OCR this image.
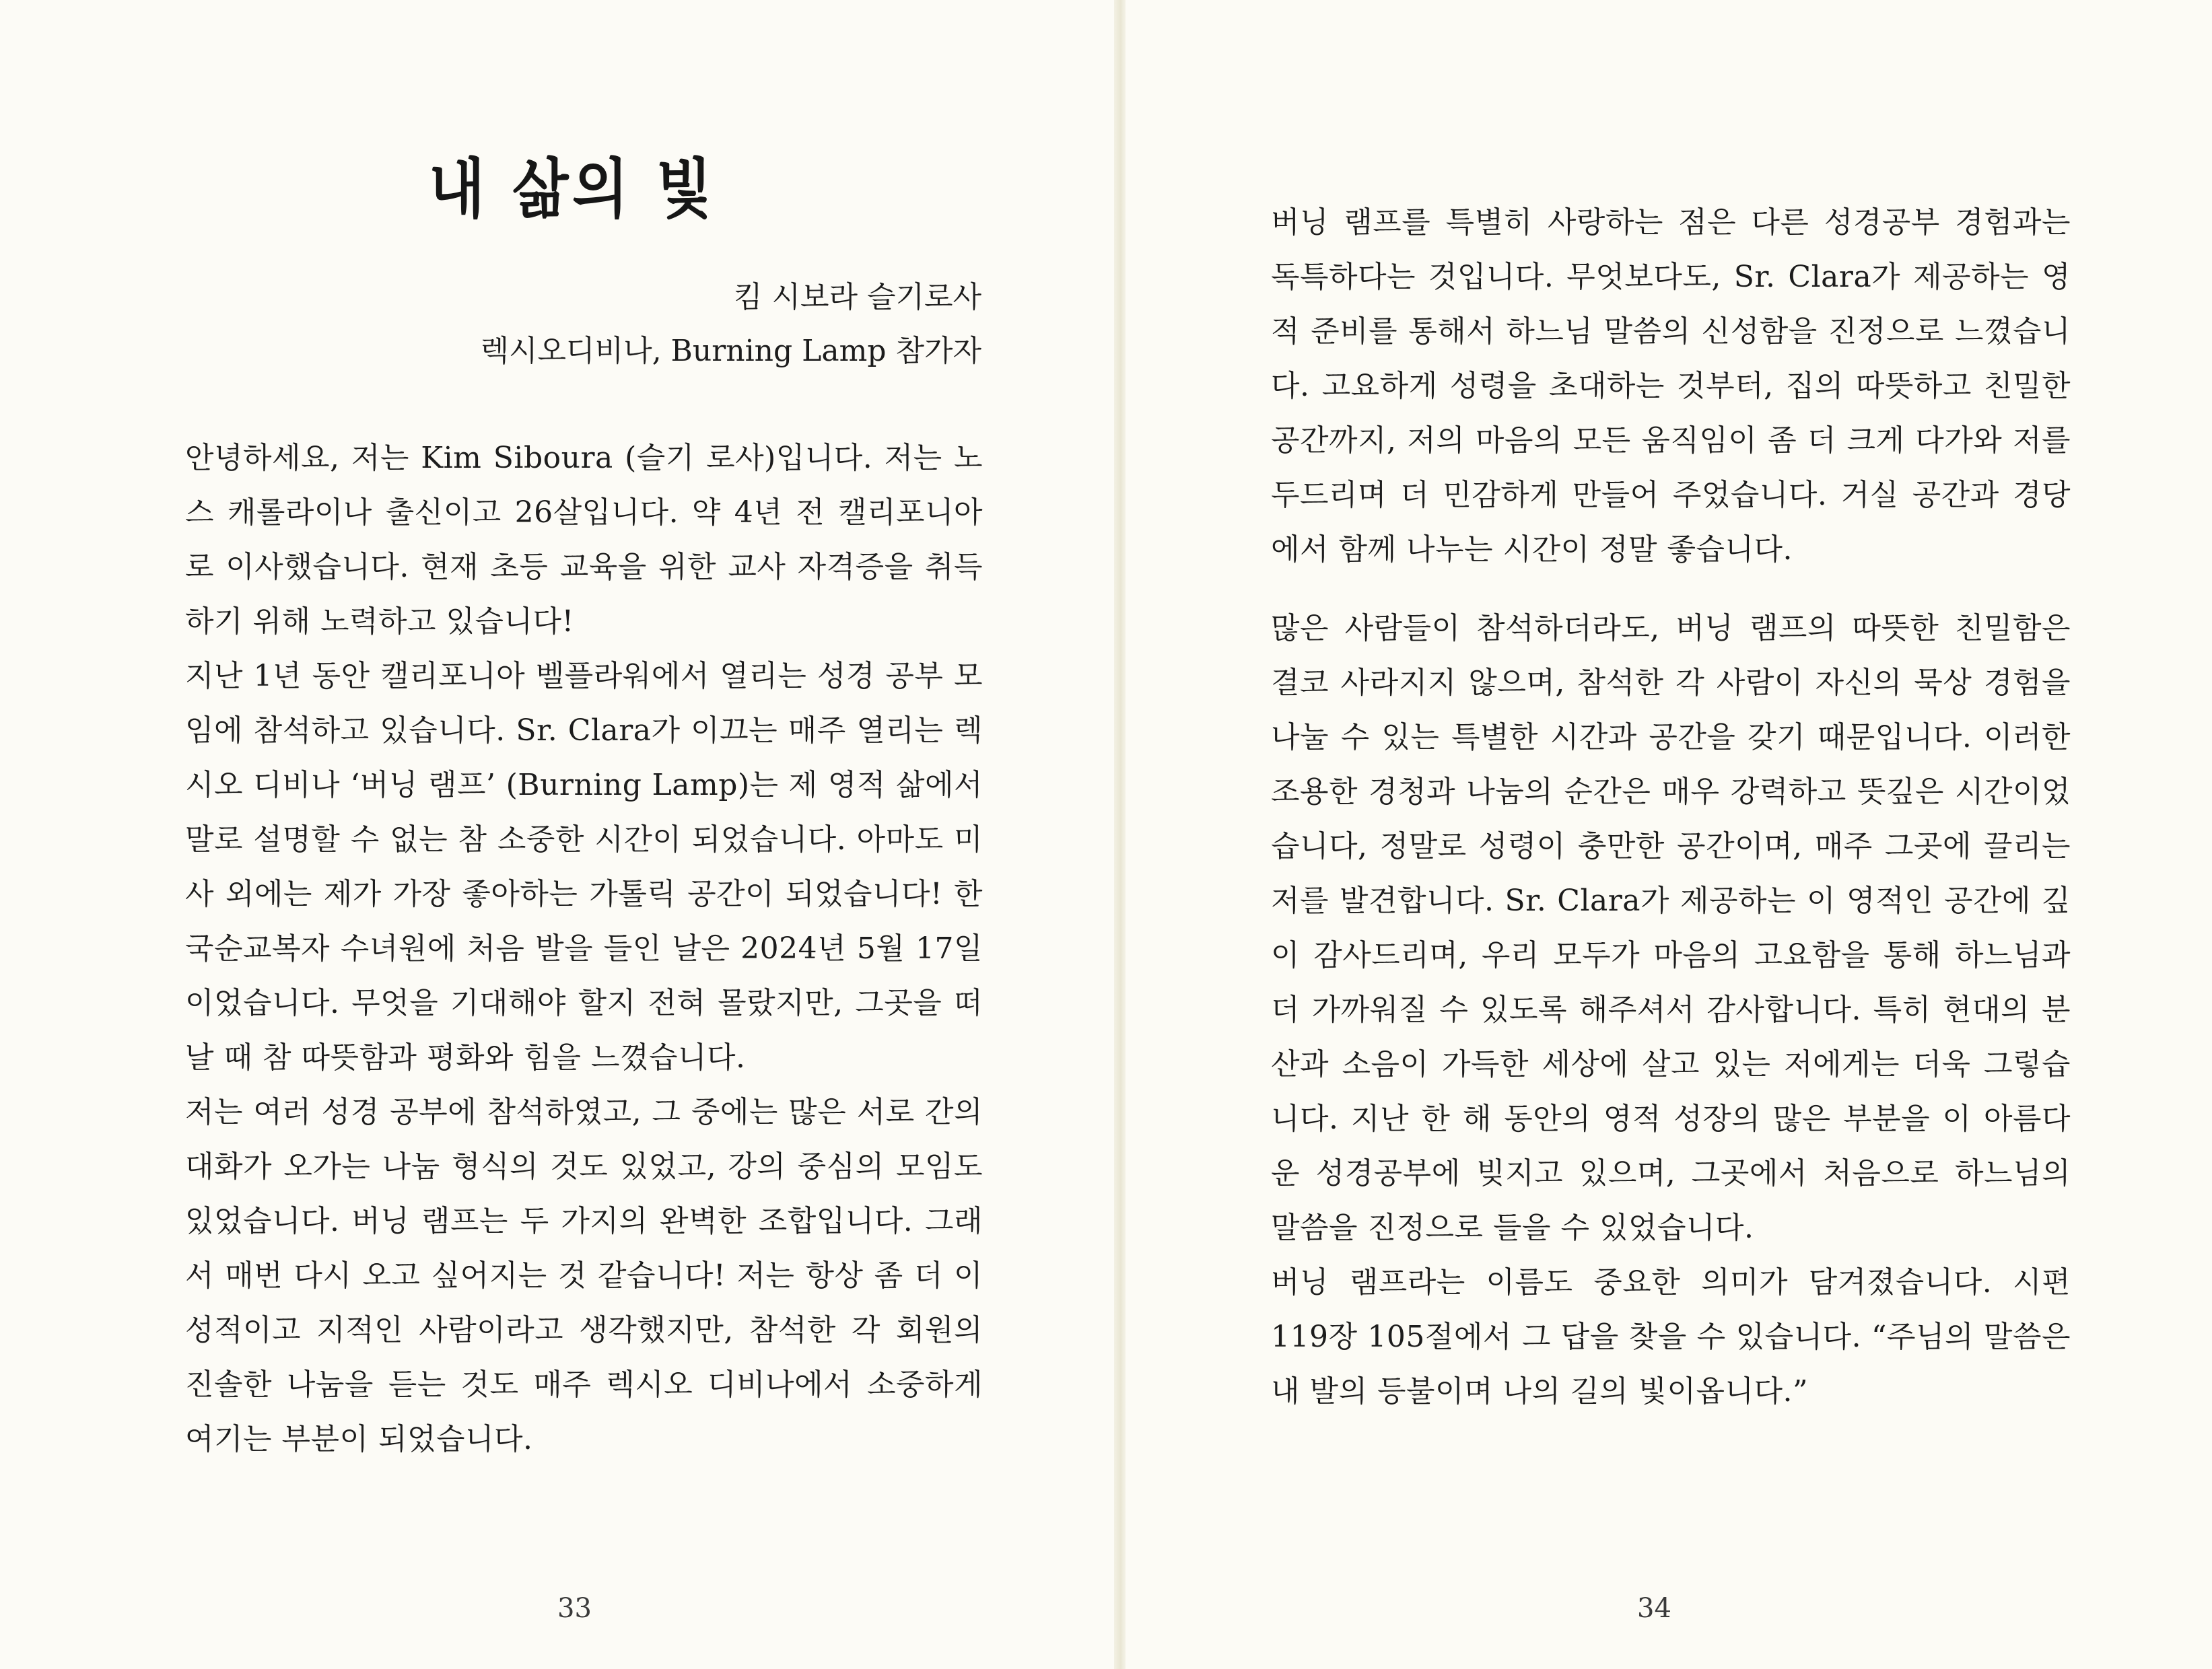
내 삶의 빛
킴 시보라 슬기로사
렉시오디비나, Burning Lamp 참가자

안녕하세요, 저는 Kim Siboura (슬기 로사)입니다. 저는 노스 캐롤라이나 출신이고 26살입니다. 약 4년 전 캘리포니아로 이사했습니다. 현재 초등 교육을 위한 교사 자격증을 취득하기 위해 노력하고 있습니다!

지난 1년 동안 캘리포니아 벨플라워에서 열리는 성경 공부 모임에 참석하고 있습니다. Sr. Clara가 이끄는 매주 열리는 렉시오 디비나 ‘버닝 램프’ (Burning Lamp)는 제 영적 삶에서 말로 설명할 수 없는 참 소중한 시간이 되었습니다. 아마도 미사 외에는 제가 가장 좋아하는 가톨릭 공간이 되었습니다! 한국순교복자 수녀원에 처음 발을 들인 날은 2024년 5월 17일이었습니다. 무엇을 기대해야 할지 전혀 몰랐지만, 그곳을 떠날 때 참 따뜻함과 평화와 힘을 느꼈습니다.

저는 여러 성경 공부에 참석하였고, 그 중에는 많은 서로 간의 대화가 오가는 나눔 형식의 것도 있었고, 강의 중심의 모임도 있었습니다. 버닝 램프는 두 가지의 완벽한 조합입니다. 그래서 매번 다시 오고 싶어지는 것 같습니다! 저는 항상 좀 더 이성적이고 지적인 사람이라고 생각했지만, 참석한 각 회원의 진솔한 나눔을 듣는 것도 매주 렉시오 디비나에서 소중하게 여기는 부분이 되었습니다.

33

버닝 램프를 특별히 사랑하는 점은 다른 성경공부 경험과는 독특하다는 것입니다. 무엇보다도, Sr. Clara가 제공하는 영적 준비를 통해서 하느님 말씀의 신성함을 진정으로 느꼈습니다. 고요하게 성령을 초대하는 것부터, 집의 따뜻하고 친밀한 공간까지, 저의 마음의 모든 움직임이 좀 더 크게 다가와 저를 두드리며 더 민감하게 만들어 주었습니다. 거실 공간과 경당에서 함께 나누는 시간이 정말 좋습니다.

많은 사람들이 참석하더라도, 버닝 램프의 따뜻한 친밀함은 결코 사라지지 않으며, 참석한 각 사람이 자신의 묵상 경험을 나눌 수 있는 특별한 시간과 공간을 갖기 때문입니다. 이러한 조용한 경청과 나눔의 순간은 매우 강력하고 뜻깊은 시간이었습니다, 정말로 성령이 충만한 공간이며, 매주 그곳에 끌리는 저를 발견합니다. Sr. Clara가 제공하는 이 영적인 공간에 깊이 감사드리며, 우리 모두가 마음의 고요함을 통해 하느님과 더 가까워질 수 있도록 해주셔서 감사합니다. 특히 현대의 분산과 소음이 가득한 세상에 살고 있는 저에게는 더욱 그렇습니다. 지난 한 해 동안의 영적 성장의 많은 부분을 이 아름다운 성경공부에 빚지고 있으며, 그곳에서 처음으로 하느님의 말씀을 진정으로 들을 수 있었습니다.

버닝 램프라는 이름도 중요한 의미가 담겨졌습니다. 시편 119장 105절에서 그 답을 찾을 수 있습니다. “주님의 말씀은 내 발의 등불이며 나의 길의 빛이옵니다.”

34
